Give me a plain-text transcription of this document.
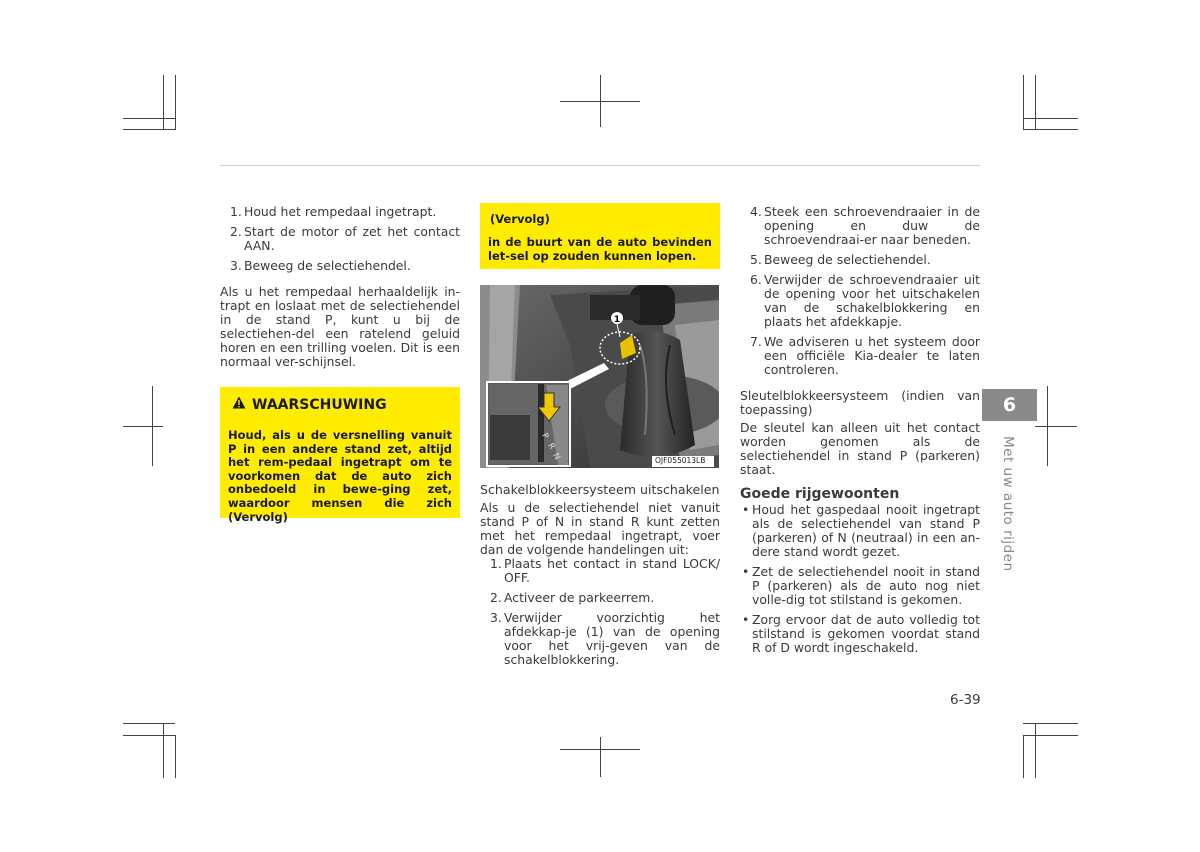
1. Houd het rempedaal ingetrapt.
2. Start de motor of zet het contact AAN.
3. Beweeg de selectiehendel.

Als u het rempedaal herhaaldelijk in-trapt en loslaat met de selectiehendel in de stand P, kunt u bij de selectiehen-del een ratelend geluid horen en een trilling voelen. Dit is een normaal ver-schijnsel.

WAARSCHUWING
Houd, als u de versnelling vanuit P in een andere stand zet, altijd het rem-pedaal ingetrapt om te voorkomen dat de auto zich onbedoeld in bewe-ging zet, waardoor mensen die zich (Vervolg)
(Vervolg)
in de buurt van de auto bevinden let-sel op zouden kunnen lopen.
1
P
R
N	OJF055013LB
Schakelblokkeersysteem uitschakelen

Als u de selectiehendel niet vanuit stand P of N in stand R kunt zetten met het rempedaal ingetrapt, voer dan de volgende handelingen uit:

1. Plaats het contact in stand LOCK/ OFF.
2. Activeer de parkeerrem.
3. Verwijder voorzichtig het afdekkap-je (1) van de opening voor het vrij-geven van de schakelblokkering.
4. Steek een schroevendraaier in de opening en duw de schroevendraai-er naar beneden.
5. Beweeg de selectiehendel.
6. Verwijder de schroevendraaier uit de opening voor het uitschakelen van de schakelblokkering en plaats het afdekkapje.
7. We adviseren u het systeem door een officiële Kia-dealer te laten controleren.

Sleutelblokkeersysteem (indien van toepassing)

De sleutel kan alleen uit het contact worden genomen als de selectiehendel in stand P (parkeren) staat.

Goede rijgewoonten
• Houd het gaspedaal nooit ingetrapt als de selectiehendel van stand P (parkeren) of N (neutraal) in een an-dere stand wordt gezet.
• Zet de selectiehendel nooit in stand P (parkeren) als de auto nog niet volle-dig tot stilstand is gekomen.
• Zorg ervoor dat de auto volledig tot stilstand is gekomen voordat stand R of D wordt ingeschakeld.
6
Met uw auto rijden
6-39
